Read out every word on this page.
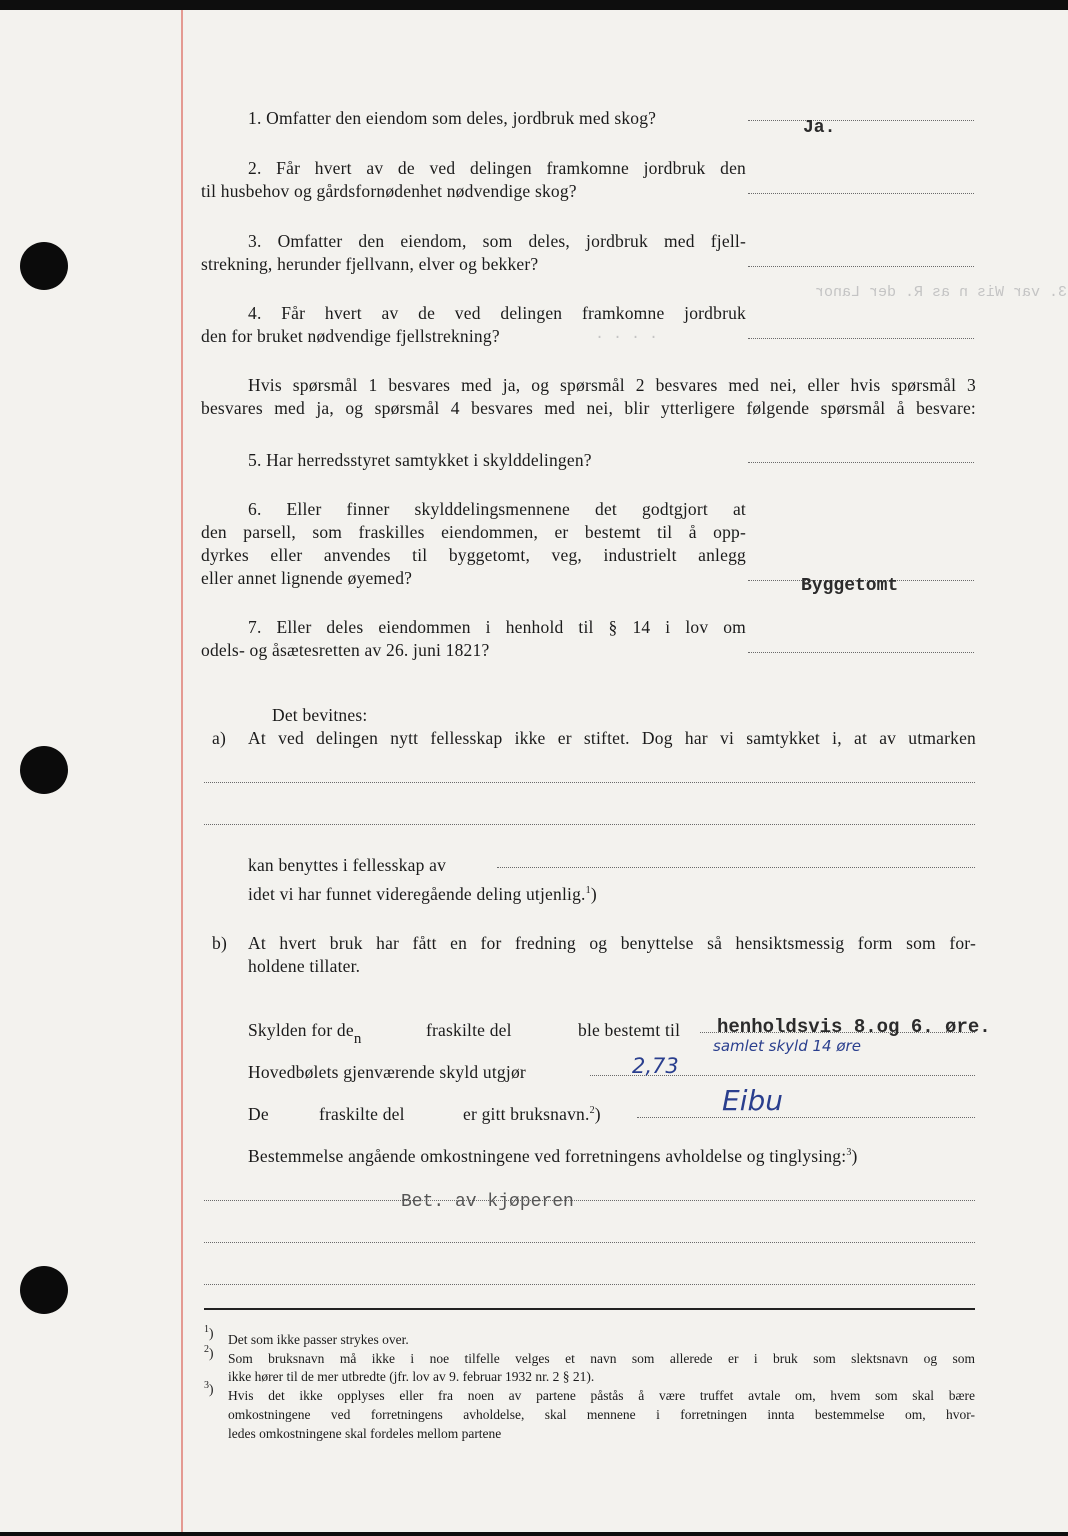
3. var Wis n as R. der Lanor
. . . .
1. Omfatter den eiendom som deles, jordbruk med skog?	Ja.
2. Får hvert av de ved delingen framkomne jordbruk den
til husbehov og gårdsfornødenhet nødvendige skog?
3. Omfatter den eiendom, som deles, jordbruk med fjell-
strekning, herunder fjellvann, elver og bekker?
4. Får hvert av de ved delingen framkomne jordbruk
den for bruket nødvendige fjellstrekning?
Hvis spørsmål 1 besvares med ja, og spørsmål 2 besvares med nei, eller hvis spørsmål 3
besvares med ja, og spørsmål 4 besvares med nei, blir ytterligere følgende spørsmål å besvare:
5. Har herredsstyret samtykket i skylddelingen?
6. Eller finner skylddelingsmennene det godtgjort at
den parsell, som fraskilles eiendommen, er bestemt til å opp-
dyrkes eller anvendes til byggetomt, veg, industrielt anlegg
eller annet lignende øyemed?	Byggetomt
7. Eller deles eiendommen i henhold til § 14 i lov om
odels- og åsætesretten av 26. juni 1821?
Det bevitnes:
a) At ved delingen nytt fellesskap ikke er stiftet. Dog har vi samtykket i, at av utmarken
kan benyttes i fellesskap av
idet vi har funnet videregående deling utjenlig.$^1$)
b) At hvert bruk har fått en for fredning og benyttelse så hensiktsmessig form som for-
holdene tillater.
Skylden for den	fraskilte del	ble bestemt til henholdsvis 8.og 6. øre.
samlet skyld 14 øre
Hovedbølets gjenværende skyld utgjør	2,73
De	fraskilte del	er gitt bruksnavn.$^2$)	Eibu
Bestemmelse angående omkostningene ved forretningens avholdelse og tinglysing:$^3$)
Bet. av kjøperen
$^1$) Det som ikke passer strykes over.
$^2$) Som bruksnavn må ikke i noe tilfelle velges et navn som allerede er i bruk som slektsnavn og som
ikke hører til de mer utbredte (jfr. lov av 9. februar 1932 nr. 2 § 21).
$^3$) Hvis det ikke opplyses eller fra noen av partene påstås å være truffet avtale om, hvem som skal bære
omkostningene ved forretningens avholdelse, skal mennene i forretningen innta bestemmelse om, hvor-
ledes omkostningene skal fordeles mellom partene
